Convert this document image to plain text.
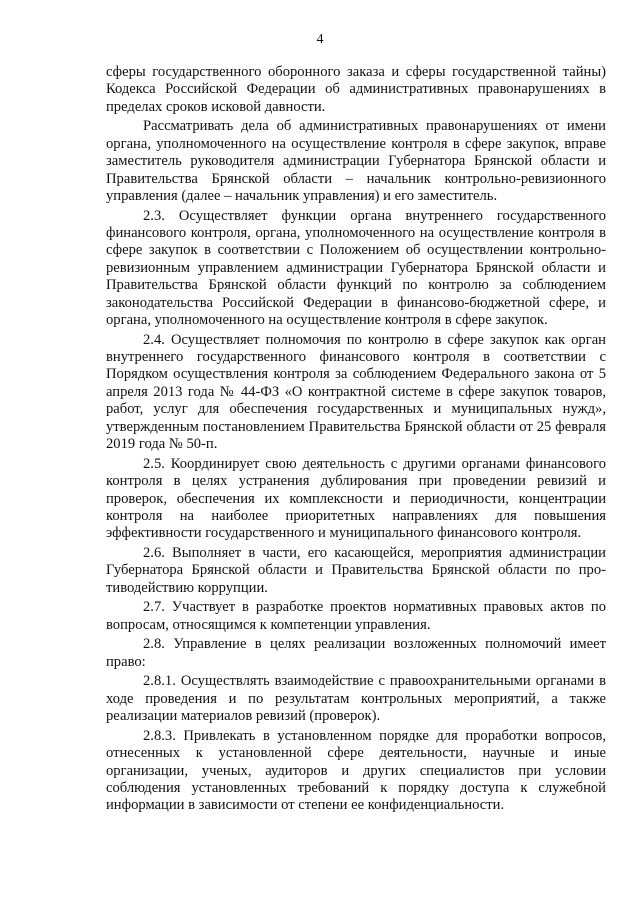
4

сферы государственного оборонного заказа и сферы государственной тайны) Кодекса Российской Федерации об административных правонарушениях в пределах сроков исковой давности.

Рассматривать дела об административных правонарушениях от имени органа, уполномоченного на осуществление контроля в сфере закупок, вправе заместитель руководителя администрации Губернатора Брянской области и Правительства Брянской области – начальник контрольно-ревизионного управления (далее – начальник управления) и его заместитель.

2.3. Осуществляет функции органа внутреннего государственного финансового контроля, органа, уполномоченного на осуществление контроля в сфере закупок в соответствии с Положением об осуществлении контрольно-ревизионным управлением администрации Губернатора Брянской области и Правительства Брянской области функций по контролю за соблюдением законодательства Российской Федерации в финансово-бюджетной сфере, и органа, уполномоченного на осуществление контроля в сфере закупок.

2.4. Осуществляет полномочия по контролю в сфере закупок как орган внутреннего государственного финансового контроля в соответствии с Порядком осуществления контроля за соблюдением Федерального закона от 5 апреля 2013 года № 44-ФЗ «О контрактной системе в сфере закупок товаров, работ, услуг для обеспечения государственных и муниципальных нужд», утвержденным постановлением Правительства Брянской области от 25 февраля 2019 года № 50-п.

2.5. Координирует свою деятельность с другими органами финансового контроля в целях устранения дублирования при проведении ревизий и проверок, обеспечения их комплексности и периодичности, концентрации контроля на наиболее приоритетных направлениях для повышения эффективности государственного и муниципального финансового контроля.

2.6. Выполняет в части, его касающейся, мероприятия администрации Губернатора Брянской области и Правительства Брянской области по противодействию коррупции.

2.7. Участвует в разработке проектов нормативных правовых актов по вопросам, относящимся к компетенции управления.

2.8. Управление в целях реализации возложенных полномочий имеет право:

2.8.1. Осуществлять взаимодействие с правоохранительными органами в ходе проведения и по результатам контрольных мероприятий, а также реализации материалов ревизий (проверок).

2.8.3. Привлекать в установленном порядке для проработки вопросов, отнесенных к установленной сфере деятельности, научные и иные организации, ученых, аудиторов и других специалистов при условии соблюдения установленных требований к порядку доступа к служебной информации в зависимости от степени ее конфиденциальности.
